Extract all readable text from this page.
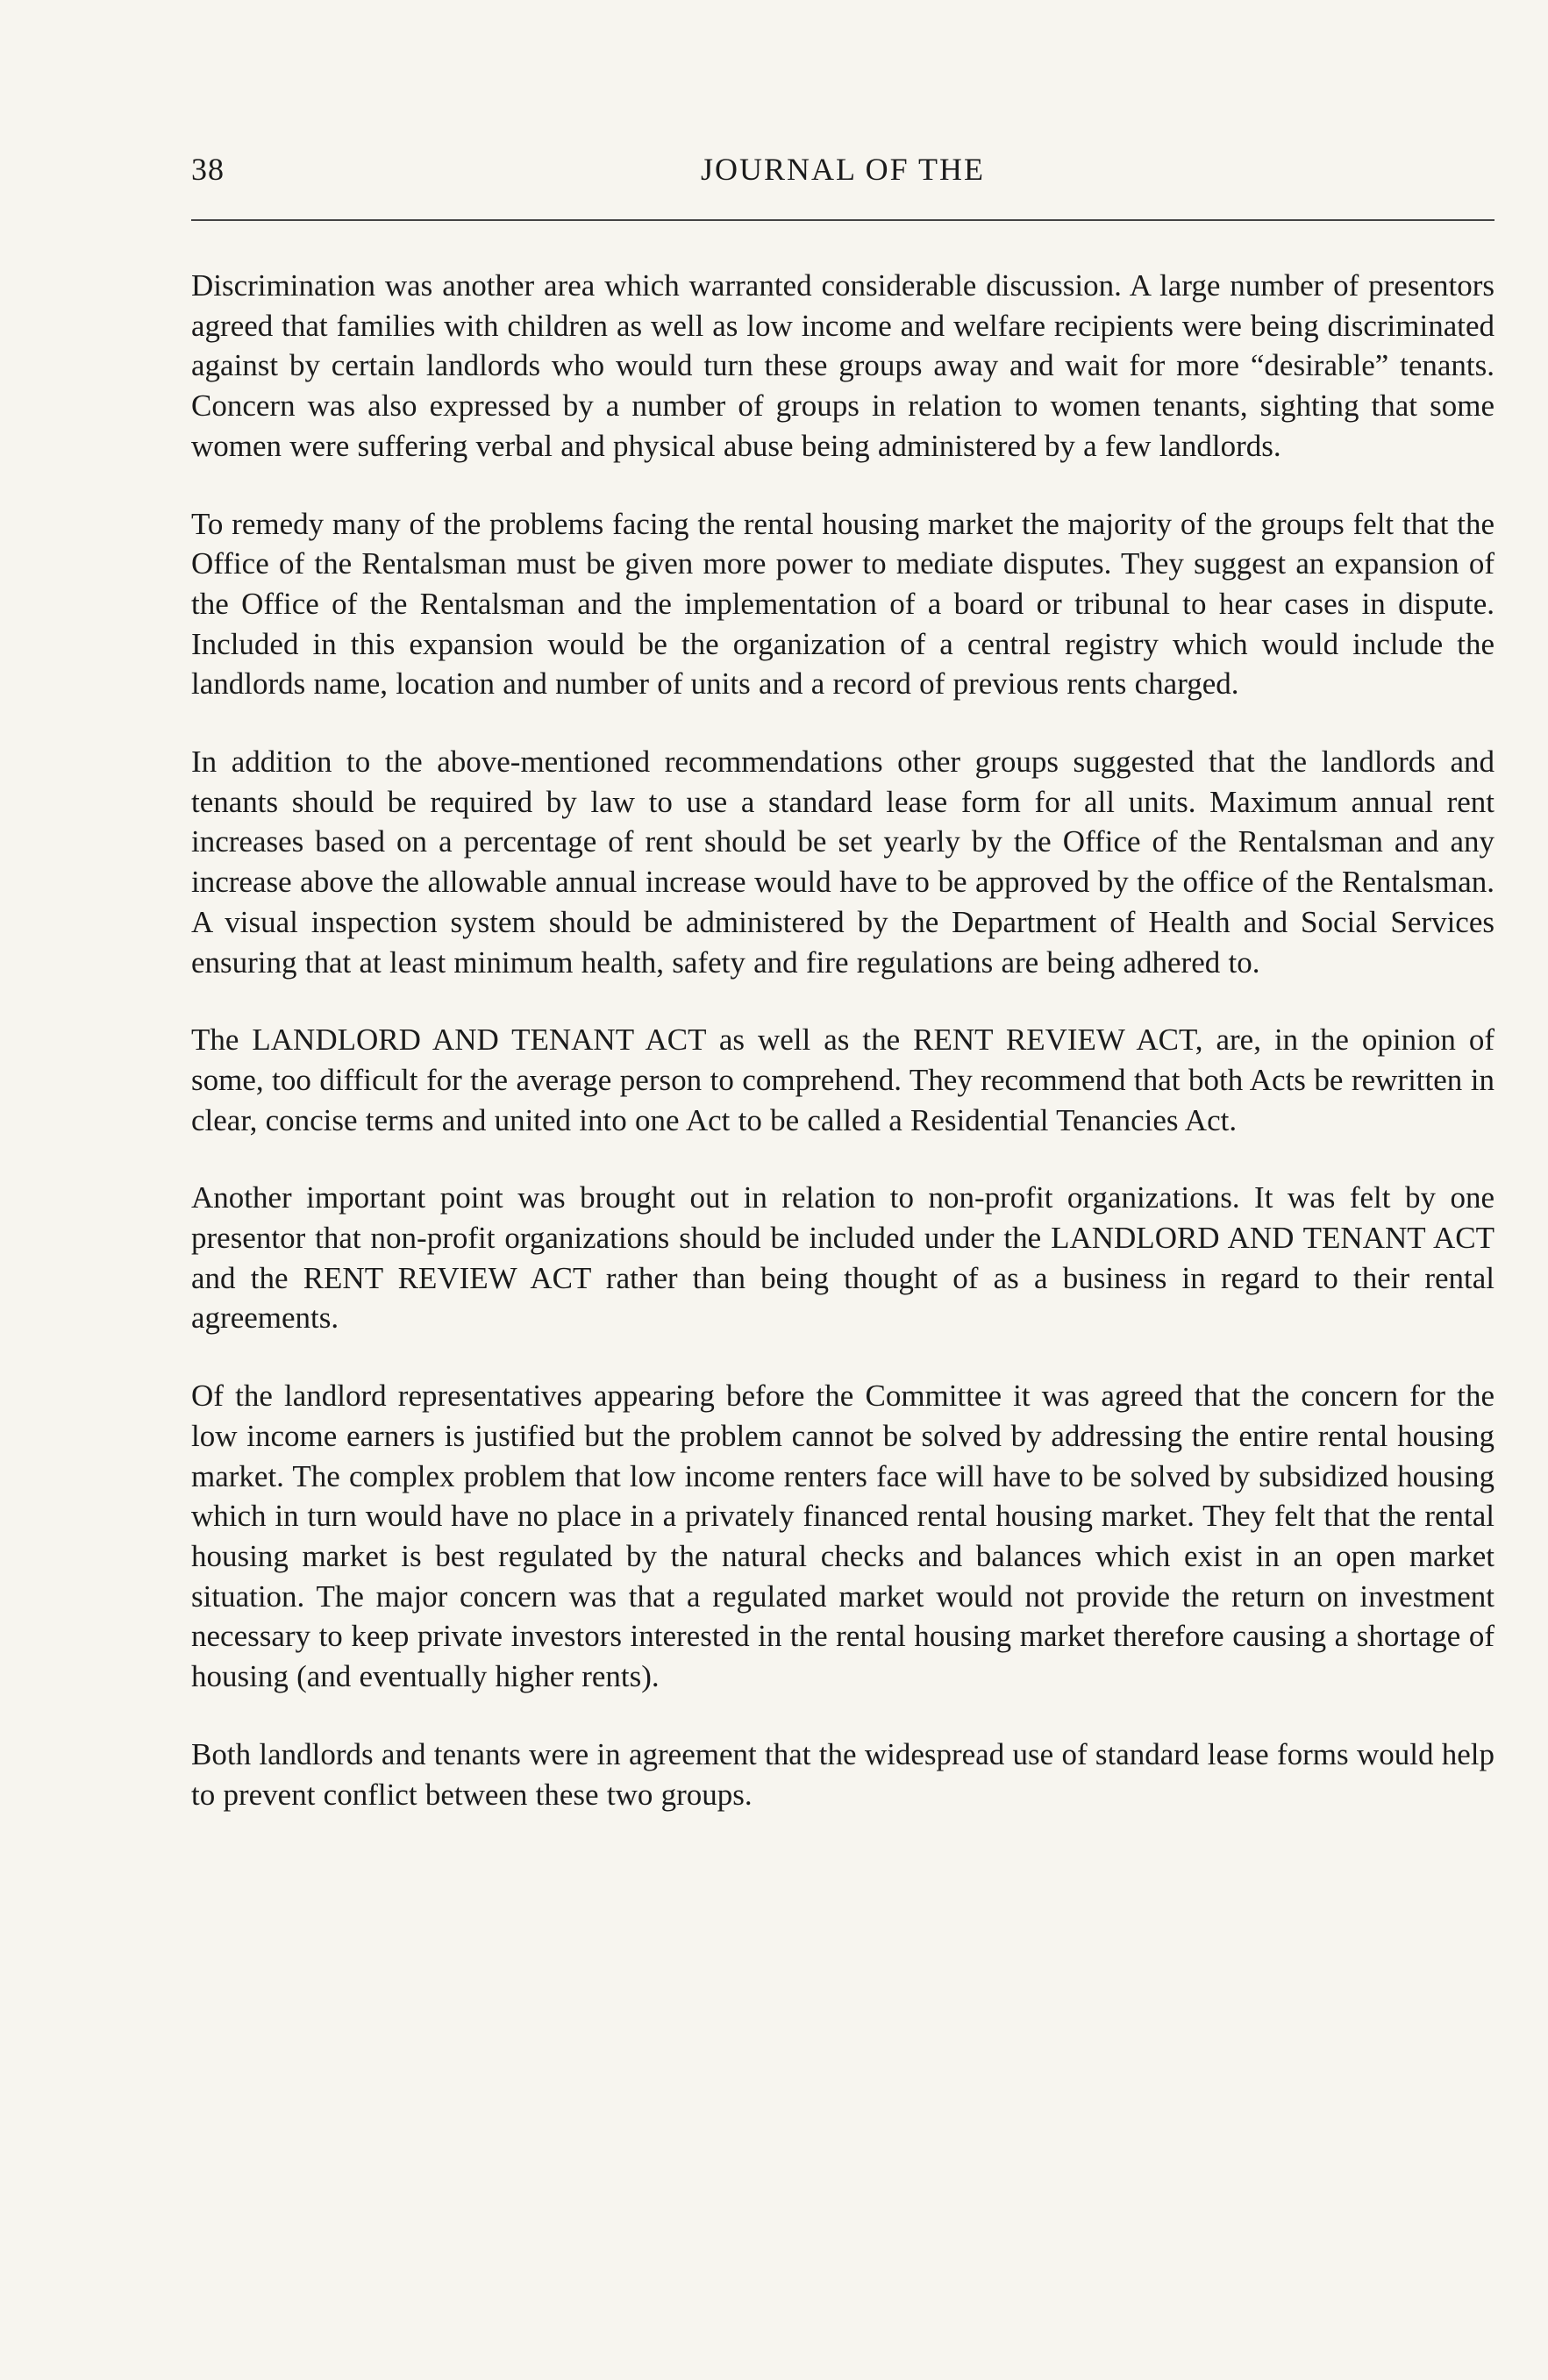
38	JOURNAL OF THE

Discrimination was another area which warranted considerable discussion. A large number of presentors agreed that families with children as well as low income and welfare recipients were being discriminated against by certain landlords who would turn these groups away and wait for more “desirable” tenants. Concern was also expressed by a number of groups in relation to women tenants, sighting that some women were suffering verbal and physical abuse being administered by a few landlords.

To remedy many of the problems facing the rental housing market the majority of the groups felt that the Office of the Rentalsman must be given more power to mediate disputes. They suggest an expansion of the Office of the Rentalsman and the implementation of a board or tribunal to hear cases in dispute. Included in this expansion would be the organization of a central registry which would include the landlords name, location and number of units and a record of previous rents charged.

In addition to the above-mentioned recommendations other groups suggested that the landlords and tenants should be required by law to use a standard lease form for all units. Maximum annual rent increases based on a percentage of rent should be set yearly by the Office of the Rentalsman and any increase above the allowable annual increase would have to be approved by the office of the Rentalsman. A visual inspection system should be administered by the Department of Health and Social Services ensuring that at least minimum health, safety and fire regulations are being adhered to.

The LANDLORD AND TENANT ACT as well as the RENT REVIEW ACT, are, in the opinion of some, too difficult for the average person to comprehend. They recommend that both Acts be rewritten in clear, concise terms and united into one Act to be called a Residential Tenancies Act.

Another important point was brought out in relation to non-profit organizations. It was felt by one presentor that non-profit organizations should be included under the LANDLORD AND TENANT ACT and the RENT REVIEW ACT rather than being thought of as a business in regard to their rental agreements.

Of the landlord representatives appearing before the Committee it was agreed that the concern for the low income earners is justified but the problem cannot be solved by addressing the entire rental housing market. The complex problem that low income renters face will have to be solved by subsidized housing which in turn would have no place in a privately financed rental housing market. They felt that the rental housing market is best regulated by the natural checks and balances which exist in an open market situation. The major concern was that a regulated market would not provide the return on investment necessary to keep private investors interested in the rental housing market therefore causing a shortage of housing (and eventually higher rents).

Both landlords and tenants were in agreement that the widespread use of standard lease forms would help to prevent conflict between these two groups.
